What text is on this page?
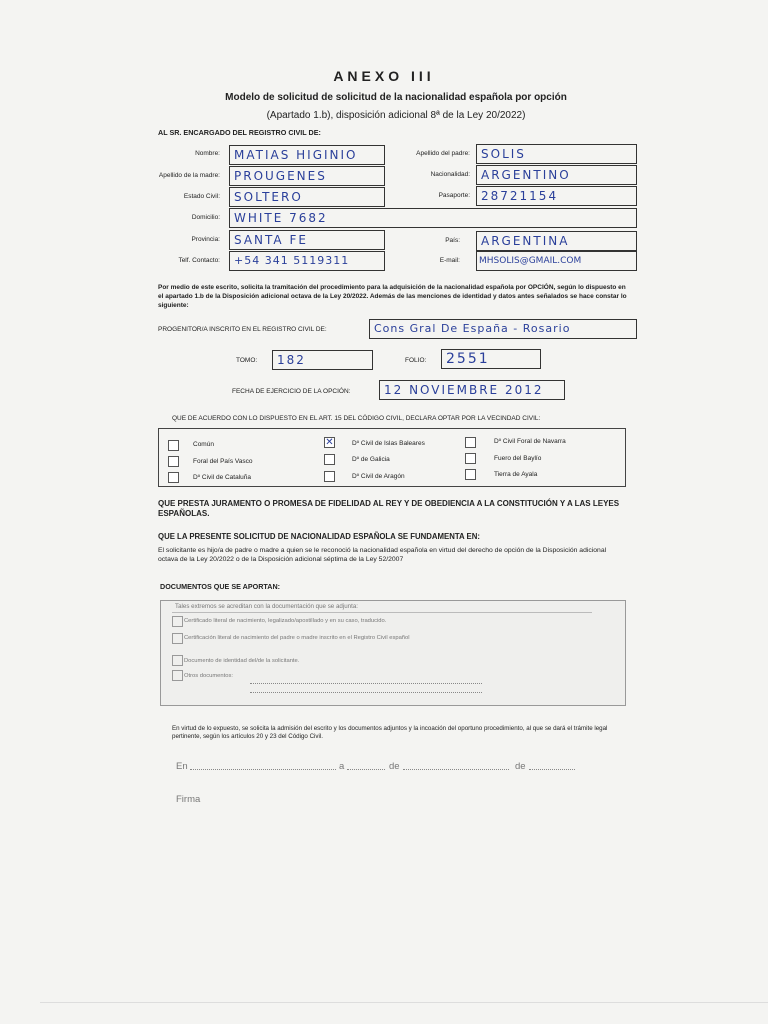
ANEXO III
Modelo de solicitud de solicitud de la nacionalidad española por opción
(Apartado 1.b), disposición adicional 8ª de la Ley 20/2022)
AL SR. ENCARGADO DEL REGISTRO CIVIL DE:
Nombre:	MATIAS HIGINIO	Apellido del padre: SOLIS
Apellido de la madre:	PROUGENES	Nacionalidad: ARGENTINO
Estado Civil:	SOLTERO	Pasaporte: 28721154
Domicilio:	WHITE 7682
Provincia:	SANTA FE	País:	ARGENTINA
Telf. Contacto:	+54 341 5119311	E-mail:	MHSOLIS@GMAIL.COM
Por medio de este escrito, solicita la tramitación del procedimiento para la adquisición de la nacionalidad española por OPCIÓN, según lo dispuesto en el apartado 1.b de la Disposición adicional octava de la Ley 20/2022. Además de las menciones de identidad y datos antes señalados se hace constar lo siguiente:
PROGENITOR/A INSCRITO EN EL REGISTRO CIVIL DE:	Cons Gral De España - Rosario
TOMO:	182	FOLIO:	2551
FECHA DE EJERCICIO DE LA OPCIÓN:	12 NOVIEMBRE 2012
QUE DE ACUERDO CON LO DISPUESTO EN EL ART. 15 DEL CÓDIGO CIVIL, DECLARA OPTAR POR LA VECINDAD CIVIL:
Común	✕	Dº Civil de Islas Baleares	Dº Civil Foral de Navarra
Foral del País Vasco	Dº de Galicia	Fuero del Baylío
Dº Civil de Cataluña	Dº Civil de Aragón	Tierra de Ayala
QUE PRESTA JURAMENTO O PROMESA DE FIDELIDAD AL REY Y DE OBEDIENCIA A LA CONSTITUCIÓN Y A LAS LEYES ESPAÑOLAS.
QUE LA PRESENTE SOLICITUD DE NACIONALIDAD ESPAÑOLA SE FUNDAMENTA EN:
El solicitante es hijo/a de padre o madre a quien se le reconoció la nacionalidad española en virtud del derecho de opción de la Disposición adicional octava de la Ley 20/2022 o de la Disposición adicional séptima de la Ley 52/2007
DOCUMENTOS QUE SE APORTAN:
Tales extremos se acreditan con la documentación que se adjunta:
Certificado literal de nacimiento, legalizado/apostillado y en su caso, traducido.
Certificación literal de nacimiento del padre o madre inscrito en el Registro Civil español
Documento de identidad del/de la solicitante.
Otros documentos:
En virtud de lo expuesto, se solicita la admisión del escrito y los documentos adjuntos y la incoación del oportuno procedimiento, al que se dará el trámite legal pertinente, según los artículos 20 y 23 del Código Civil.
En	a	de	de
Firma
